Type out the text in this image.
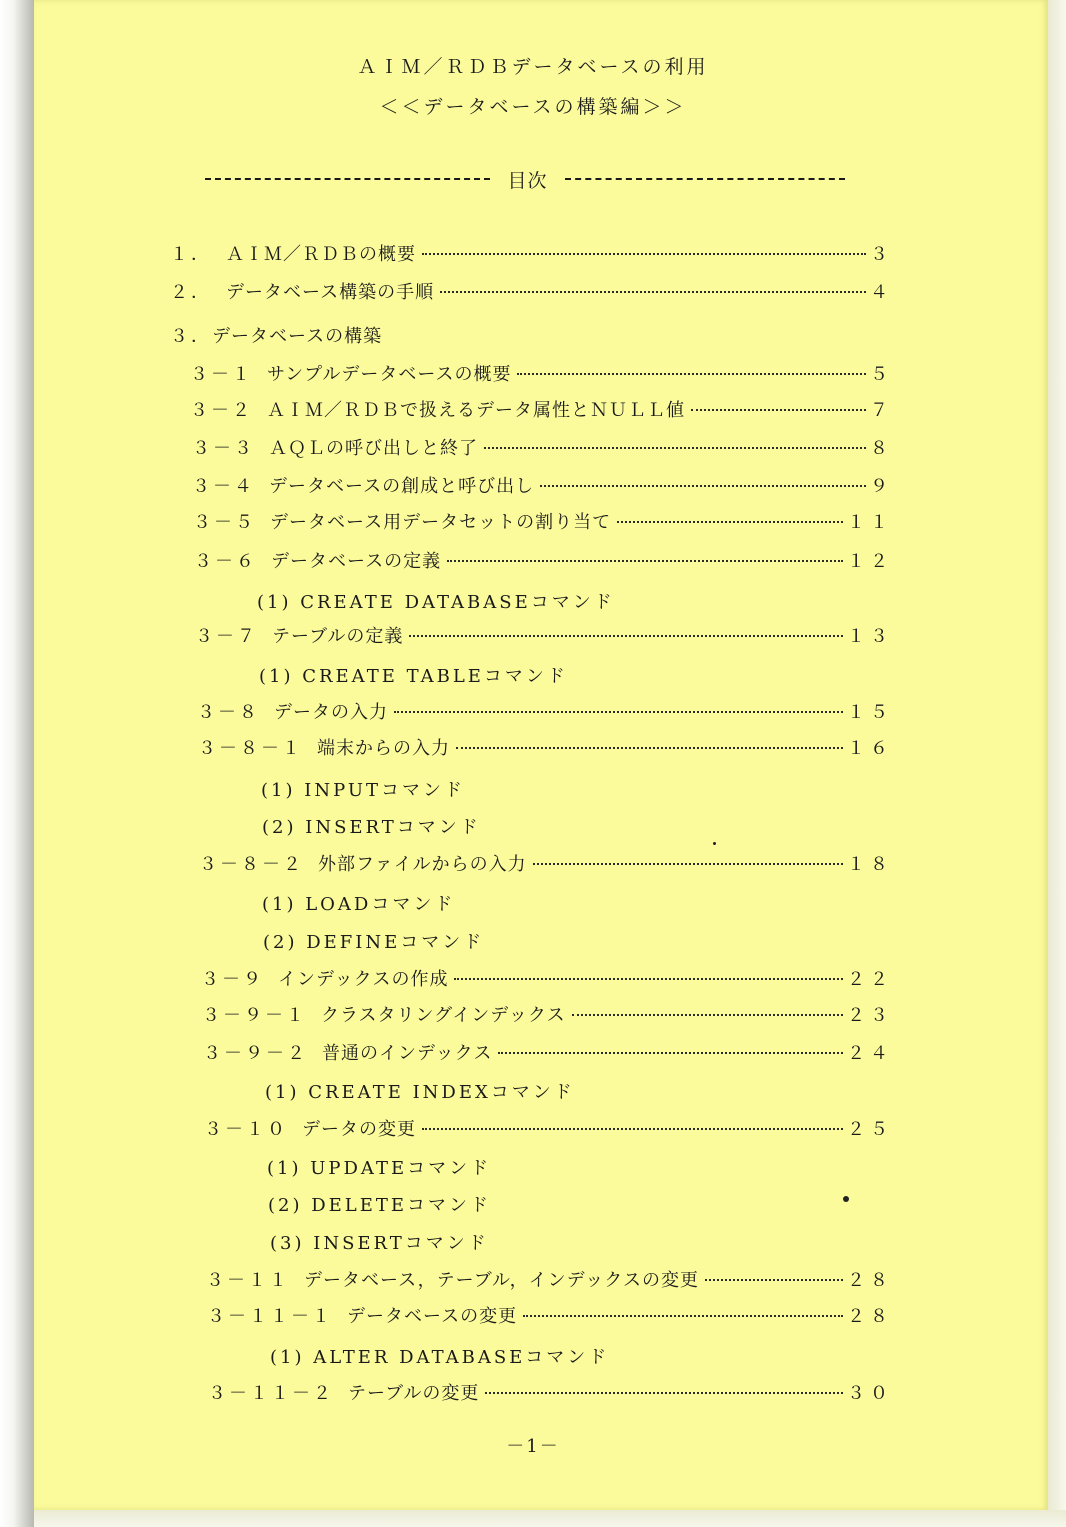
ＡＩＭ／ＲＤＢデータベースの利用
＜＜データベースの構築編＞＞
目次
１． ＡＩＭ／ＲＤＢの概要	３
２． データベース構築の手順	４
３． データベースの構築
３－１ サンプルデータベースの概要	５
３－２ ＡＩＭ／ＲＤＢで扱えるデータ属性とＮＵＬＬ値	７
３－３ ＡＱＬの呼び出しと終了	８
３－４ データベースの創成と呼び出し	９
３－５ データベース用データセットの割り当て	１１
３－６ データベースの定義	１２
(1) CREATE DATABASEコマンド
３－７ テーブルの定義	１３
(1) CREATE TABLEコマンド
３－８ データの入力	１５
３－８－１ 端末からの入力	１６
(1) INPUTコマンド
(2) INSERTコマンド
３－８－２ 外部ファイルからの入力	１８
(1) LOADコマンド
(2) DEFINEコマンド
３－９ インデックスの作成	２２
３－９－１ クラスタリングインデックス	２３
３－９－２ 普通のインデックス	２４
(1) CREATE INDEXコマンド
３－１０ データの変更	２５
(1) UPDATEコマンド
(2) DELETEコマンド
(3) INSERTコマンド
３－１１ データベース，テーブル，インデックスの変更	２８
３－１１－１ データベースの変更	２８
(1) ALTER DATABASEコマンド
３－１１－２ テーブルの変更	３０
－1－
